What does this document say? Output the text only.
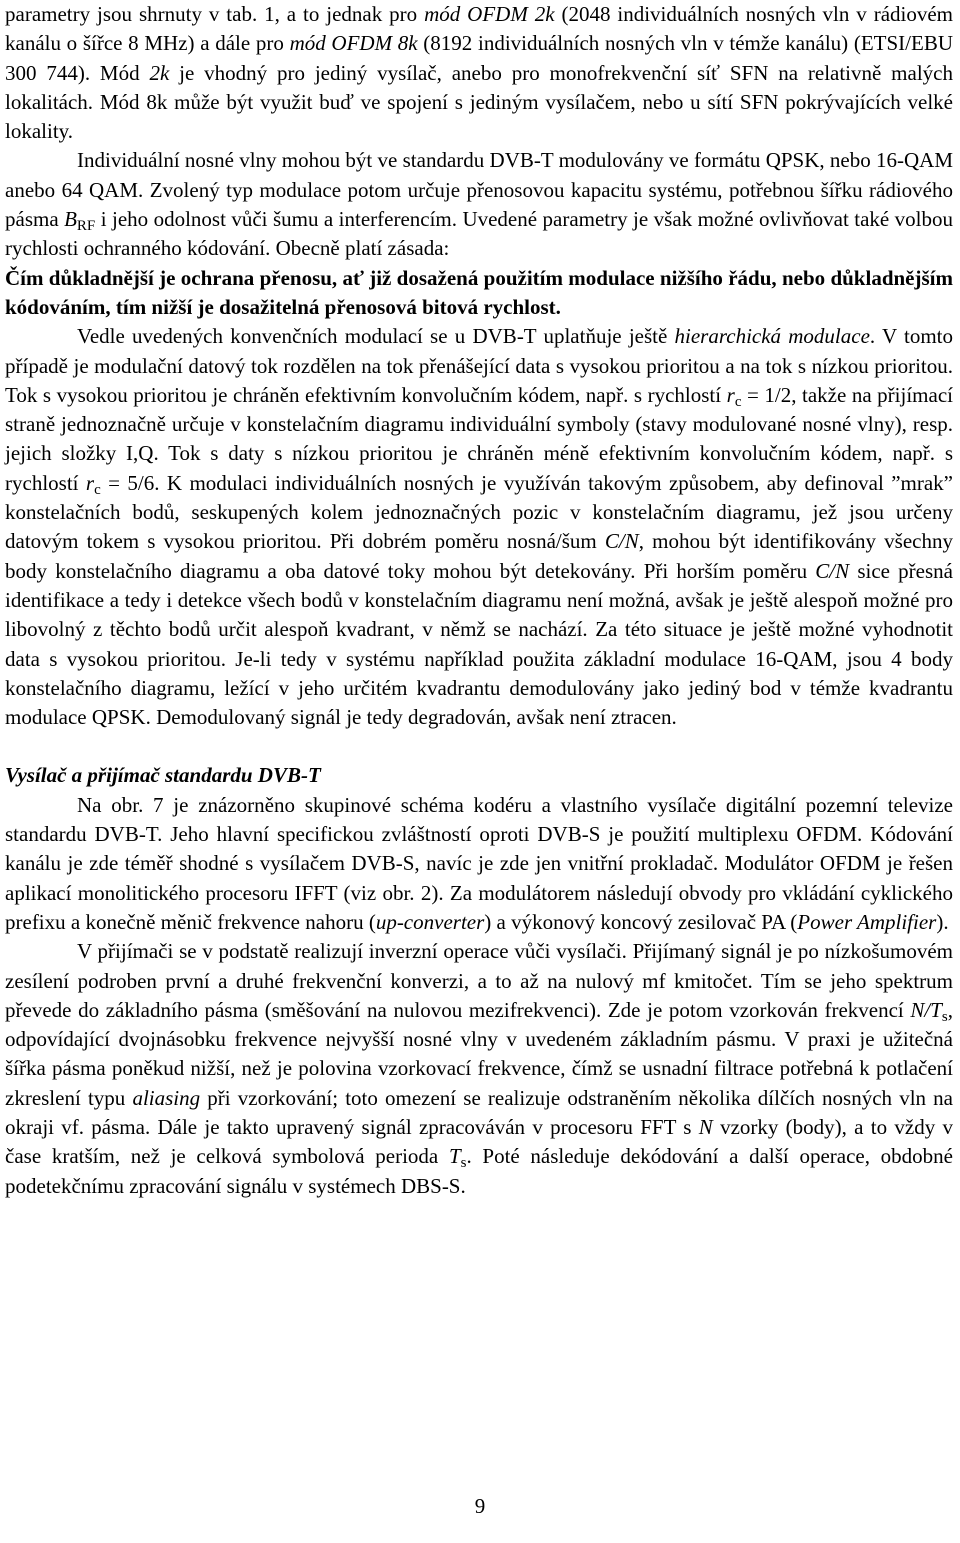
parametry jsou shrnuty v tab. 1, a to jednak pro mód OFDM 2k (2048 individuálních nosných vln v rádiovém kanálu o šířce 8 MHz) a dále pro mód OFDM 8k (8192 individuálních nosných vln v témže kanálu) (ETSI/EBU 300 744). Mód 2k je vhodný pro jediný vysílač, anebo pro monofrekvenční síť SFN na relativně malých lokalitách. Mód 8k může být využit buď ve spojení s jediným vysílačem, nebo u sítí SFN pokrývajících velké lokality.

Individuální nosné vlny mohou být ve standardu DVB-T modulovány ve formátu QPSK, nebo 16-QAM anebo 64 QAM. Zvolený typ modulace potom určuje přenosovou kapacitu systému, potřebnou šířku rádiového pásma $B_{RF}$ i jeho odolnost vůči šumu a interferencím. Uvedené parametry je však možné ovlivňovat také volbou rychlosti ochranného kódování. Obecně platí zásada:

Čím důkladnější je ochrana přenosu, ať již dosažená použitím modulace nižšího řádu, nebo důkladnějším kódováním, tím nižší je dosažitelná přenosová bitová rychlost.

Vedle uvedených konvenčních modulací se u DVB-T uplatňuje ještě hierarchická modulace. V tomto případě je modulační datový tok rozdělen na tok přenášející data s vysokou prioritou a na tok s nízkou prioritou. Tok s vysokou prioritou je chráněn efektivním konvolučním kódem, např. s rychlostí $r_c = 1/2$, takže na přijímací straně jednoznačně určuje v konstelačním diagramu individuální symboly (stavy modulované nosné vlny), resp. jejich složky I,Q. Tok s daty s nízkou prioritou je chráněn méně efektivním konvolučním kódem, např. s rychlostí $r_c = 5/6$. K modulaci individuálních nosných je využíván takovým způsobem, aby definoval ”mrak” konstelačních bodů, seskupených kolem jednoznačných pozic v konstelačním diagramu, jež jsou určeny datovým tokem s vysokou prioritou. Při dobrém poměru nosná/šum C/N, mohou být identifikovány všechny body konstelačního diagramu a oba datové toky mohou být detekovány. Při horším poměru C/N sice přesná identifikace a tedy i detekce všech bodů v konstelačním diagramu není možná, avšak je ještě alespoň možné pro libovolný z těchto bodů určit alespoň kvadrant, v němž se nachází. Za této situace je ještě možné vyhodnotit data s vysokou prioritou. Je-li tedy v systému například použita základní modulace 16-QAM, jsou 4 body konstelačního diagramu, ležící v jeho určitém kvadrantu demodulovány jako jediný bod v témže kvadrantu modulace QPSK. Demodulovaný signál je tedy degradován, avšak není ztracen.

Vysílač a přijímač standardu DVB-T

Na obr. 7 je znázorněno skupinové schéma kodéru a vlastního vysílače digitální pozemní televize standardu DVB-T. Jeho hlavní specifickou zvláštností oproti DVB-S je použití multiplexu OFDM. Kódování kanálu je zde téměř shodné s vysílačem DVB-S, navíc je zde jen vnitřní prokladač. Modulátor OFDM je řešen aplikací monolitického procesoru IFFT (viz obr. 2). Za modulátorem následují obvody pro vkládání cyklického prefixu a konečně měnič frekvence nahoru (up-converter) a výkonový koncový zesilovač PA (Power Amplifier).

V přijímači se v podstatě realizují inverzní operace vůči vysílači. Přijímaný signál je po nízkošumovém zesílení podroben první a druhé frekvenční konverzi, a to až na nulový mf kmitočet. Tím se jeho spektrum převede do základního pásma (směšování na nulovou mezifrekvenci). Zde je potom vzorkován frekvencí $N/T_s$, odpovídající dvojnásobku frekvence nejvyšší nosné vlny v uvedeném základním pásmu. V praxi je užitečná šířka pásma poněkud nižší, než je polovina vzorkovací frekvence, čímž se usnadní filtrace potřebná k potlačení zkreslení typu aliasing při vzorkování; toto omezení se realizuje odstraněním několika dílčích nosných vln na okraji vf. pásma. Dále je takto upravený signál zpracováván v procesoru FFT s N vzorky (body), a to vždy v čase kratším, než je celková symbolová perioda $T_s$. Poté následuje dekódování a další operace, obdobné podetekčnímu zpracování signálu v systémech DBS-S.

9
